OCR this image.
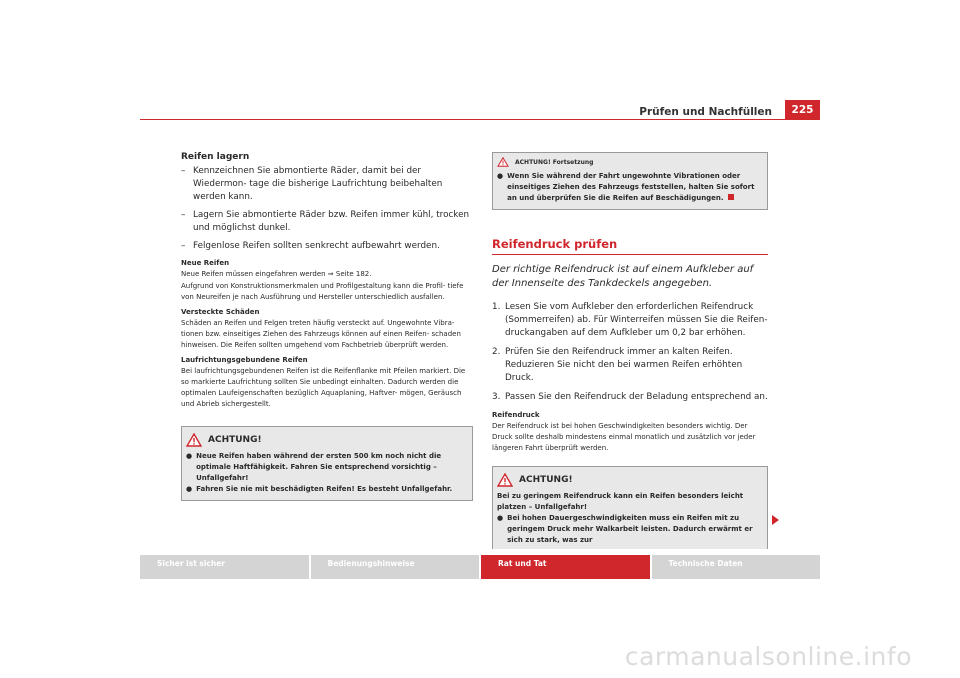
Prüfen und Nachfüllen	225
Reifen lagern
– Kennzeichnen Sie abmontierte Räder, damit bei der Wiedermon- tage die bisherige Laufrichtung beibehalten werden kann.
– Lagern Sie abmontierte Räder bzw. Reifen immer kühl, trocken und möglichst dunkel.
– Felgenlose Reifen sollten senkrecht aufbewahrt werden.
Neue Reifen

Neue Reifen müssen eingefahren werden ⇒ Seite 182.

Aufgrund von Konstruktionsmerkmalen und Profilgestaltung kann die Profil- tiefe von Neureifen je nach Ausführung und Hersteller unterschiedlich ausfallen.

Versteckte Schäden

Schäden an Reifen und Felgen treten häufig versteckt auf. Ungewohnte Vibra- tionen bzw. einseitiges Ziehen des Fahrzeugs können auf einen Reifen- schaden hinweisen. Die Reifen sollten umgehend vom Fachbetrieb überprüft werden.

Laufrichtungsgebundene Reifen

Bei laufrichtungsgebundenen Reifen ist die Reifenflanke mit Pfeilen markiert. Die so markierte Laufrichtung sollten Sie unbedingt einhalten. Dadurch werden die optimalen Laufeigenschaften bezüglich Aquaplaning, Haftver- mögen, Geräusch und Abrieb sichergestellt.

ACHTUNG!
● Neue Reifen haben während der ersten 500 km noch nicht die optimale Haftfähigkeit. Fahren Sie entsprechend vorsichtig – Unfallgefahr!
● Fahren Sie nie mit beschädigten Reifen! Es besteht Unfallgefahr.
ACHTUNG! Fortsetzung
● Wenn Sie während der Fahrt ungewohnte Vibrationen oder einseitiges Ziehen des Fahrzeugs feststellen, halten Sie sofort an und überprüfen Sie die Reifen auf Beschädigungen.
Reifendruck prüfen
Der richtige Reifendruck ist auf einem Aufkleber auf der Innenseite des Tankdeckels angegeben.
1. Lesen Sie vom Aufkleber den erforderlichen Reifendruck (Sommerreifen) ab. Für Winterreifen müssen Sie die Reifen- druckangaben auf dem Aufkleber um 0,2 bar erhöhen.
2. Prüfen Sie den Reifendruck immer an kalten Reifen. Reduzieren Sie nicht den bei warmen Reifen erhöhten Druck.
3. Passen Sie den Reifendruck der Beladung entsprechend an.
Reifendruck

Der Reifendruck ist bei hohen Geschwindigkeiten besonders wichtig. Der Druck sollte deshalb mindestens einmal monatlich und zusätzlich vor jeder längeren Fahrt überprüft werden.

ACHTUNG!
Bei zu geringem Reifendruck kann ein Reifen besonders leicht platzen – Unfallgefahr!
● Bei hohen Dauergeschwindigkeiten muss ein Reifen mit zu geringem Druck mehr Walkarbeit leisten. Dadurch erwärmt er sich zu stark, was zur
Sicher ist sicher	Bedienungshinweise	Rat und Tat	Technische Daten
carmanualsonline.info
